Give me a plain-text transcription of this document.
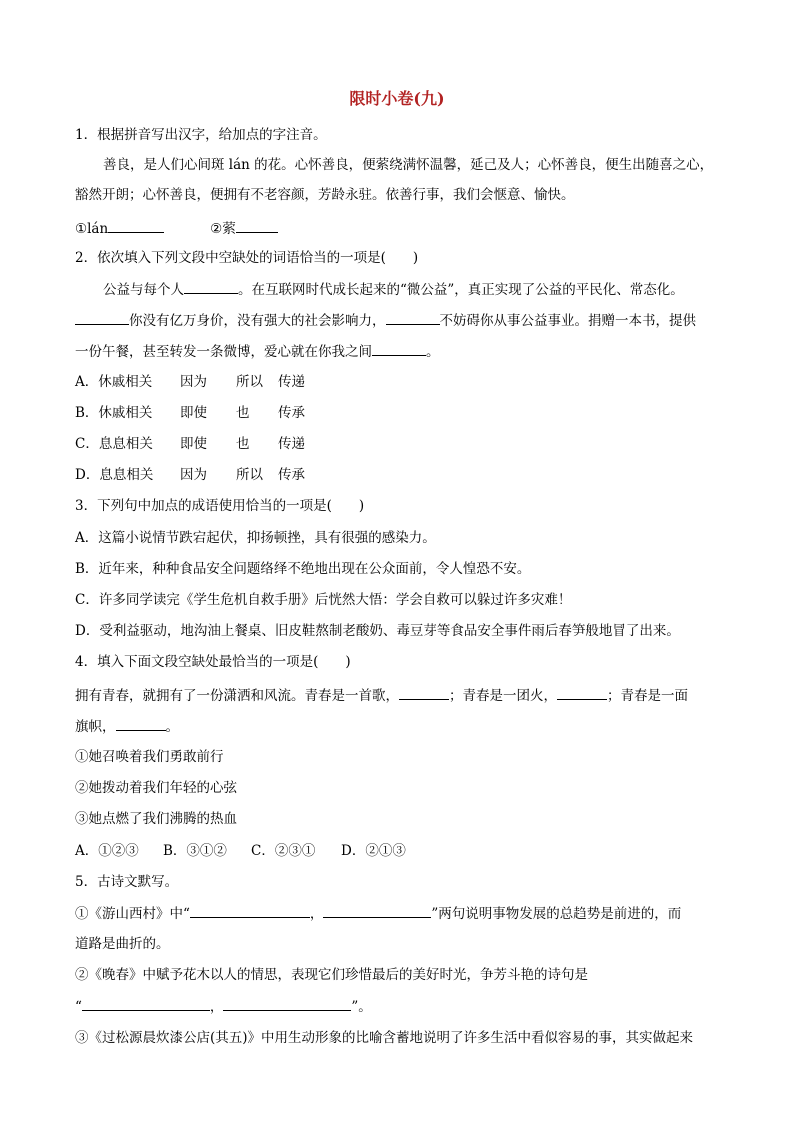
限时小卷(九)
1．根据拼音写出汉字，给加点的字注音。
善良，是人们心间斑 lán 的花。心怀善良，便萦绕满怀温馨，延己及人；心怀善良，便生出随喜之心，
豁然开朗；心怀善良，便拥有不老容颜，芳龄永驻。依善行事，我们会惬意、愉快。
①lán	②萦
2．依次填入下列文段中空缺处的词语恰当的一项是(　　)
公益与每个人	。在互联网时代成长起来的“微公益”，真正实现了公益的平民化、常态化。
你没有亿万身价，没有强大的社会影响力，	不妨碍你从事公益事业。捐赠一本书，提供
一份午餐，甚至转发一条微博，爱心就在你我之间	。
A．休戚相关 因为 所以 传递
B．休戚相关 即使 也 传承
C．息息相关 即使 也 传递
D．息息相关 因为 所以 传承
3．下列句中加点的成语使用恰当的一项是(　　)
A．这篇小说情节跌宕起伏，抑扬顿挫，具有很强的感染力。
B．近年来，种种食品安全问题络绎不绝地出现在公众面前，令人惶恐不安。
C．许多同学读完《学生危机自救手册》后恍然大悟：学会自救可以躲过许多灾难！
D．受利益驱动，地沟油上餐桌、旧皮鞋熬制老酸奶、毒豆芽等食品安全事件雨后春笋般地冒了出来。
4．填入下面文段空缺处最恰当的一项是(　　)
拥有青春，就拥有了一份潇洒和风流。青春是一首歌，	；青春是一团火，	；青春是一面
旗帜，	。
①她召唤着我们勇敢前行
②她拨动着我们年轻的心弦
③她点燃了我们沸腾的热血
A．①②③ B．③①② C．②③① D．②①③
5．古诗文默写。
①《游山西村》中“	，	”两句说明事物发展的总趋势是前进的，而
道路是曲折的。
②《晚春》中赋予花木以人的情思，表现它们珍惜最后的美好时光，争芳斗艳的诗句是
“	，	”。
③《过松源晨炊漆公店(其五)》中用生动形象的比喻含蓄地说明了许多生活中看似容易的事，其实做起来
